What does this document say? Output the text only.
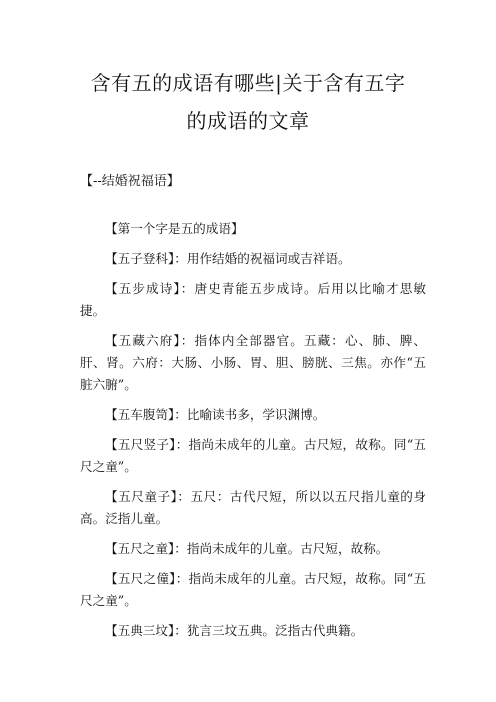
含有五的成语有哪些|关于含有五字
的成语的文章
【--结婚祝福语】

【第一个字是五的成语】

【五子登科】：用作结婚的祝福词或吉祥语。

【五步成诗】：唐史青能五步成诗。后用以比喻才思敏捷。

【五藏六府】：指体内全部器官。五藏：心、肺、脾、肝、肾。六府：大肠、小肠、胃、胆、膀胱、三焦。亦作“五脏六腑”。

【五车腹笥】：比喻读书多，学识渊博。

【五尺竖子】：指尚未成年的儿童。古尺短，故称。同“五尺之童”。

【五尺童子】：五尺：古代尺短，所以以五尺指儿童的身高。泛指儿童。

【五尺之童】：指尚未成年的儿童。古尺短，故称。

【五尺之僮】：指尚未成年的儿童。古尺短，故称。同“五尺之童”。

【五典三坟】：犹言三坟五典。泛指古代典籍。
